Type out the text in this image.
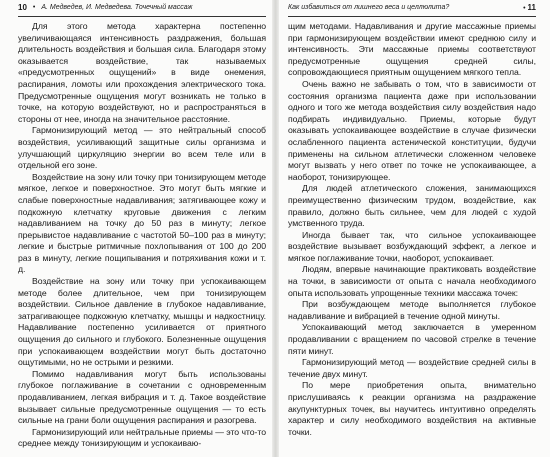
10 • А. Медведев, И. Медведева. Точечный массаж

Для этого метода характерна постепенно увеличивающаяся интенсивность раздражения, большая длительность воздействия и большая сила. Благодаря этому оказывается воздействие, так называемых «предусмотренных ощущений» в виде онемения, распирания, ломоты или прохождения электрического тока. Предусмотренные ощущения могут возникать не только в точке, на которую воздействуют, но и распространяться в стороны от нее, иногда на значительное расстояние.

Гармонизирующий метод — это нейтральный способ воздействия, усиливающий защитные силы организма и улучшающий циркуляцию энергии во всем теле или в отдельной его зоне.

Воздействие на зону или точку при тонизирующем методе мягкое, легкое и поверхностное. Это могут быть мягкие и слабые поверхностные надавливания; затягивающее кожу и подкожную клетчатку круговые движения с легким надавливанием на точку до 50 раз в минуту; легкое прерывистое надавливание с частотой 50–100 раз в минуту; легкие и быстрые ритмичные похлопывания от 100 до 200 раз в минуту, легкие пощипывания и потряхивания кожи и т. д.

Воздействие на зону или точку при успокаивающем методе более длительное, чем при тонизирующем воздействии. Сильное давление в глубокое надавливание, затрагивающее подкожную клетчатку, мышцы и надкостницу. Надавливание постепенно усиливается от приятного ощущения до сильного и глубокого. Болезненные ощущения при успокаивающем воздействии могут быть достаточно ощутимыми, но не острыми и резкими.

Помимо надавливания могут быть использованы глубокое поглаживание в сочетании с одновременным продавливанием, легкая вибрация и т. д. Такое воздействие вызывает сильные предусмотренные ощущения — то есть сильные на грани боли ощущения распирания и разогрева.

Гармонизирующий или нейтральные приемы — это что-то среднее между тонизирующим и успокаиваю-

Как избавиться от лишнего веса и целлюлита?	• 11

щим методами. Надавливания и другие массажные приемы при гармонизирующем воздействии имеют среднюю силу и интенсивность. Эти массажные приемы соответствуют предусмотренные ощущения средней силы, сопровождающиеся приятным ощущением мягкого тепла.

Очень важно не забывать о том, что в зависимости от состояния организма пациента даже при использовании одного и того же метода воздействия силу воздействия надо подбирать индивидуально. Приемы, которые будут оказывать успокаивающее воздействие в случае физически ослабленного пациента астенической конституции, будучи применены на сильном атлетически сложенном человеке могут вызвать у него ответ по точке не успокаивающее, а наоборот, тонизирующее.

Для людей атлетического сложения, занимающихся преимущественно физическим трудом, воздействие, как правило, должно быть сильнее, чем для людей с худой умственного труда.

Иногда бывает так, что сильное успокаивающее воздействие вызывает возбуждающий эффект, а легкое и мягкое поглаживание точки, наоборот, успокаивает.

Людям, впервые начинающие практиковать воздействие на точки, в зависимости от опыта с начала необходимого опыта использовать упрощенные техники массажа точек:

При возбуждающем методе выполняется глубокое надавливание и вибрацией в течение одной минуты.

Успокаивающий метод заключается в умеренном продавливании с вращением по часовой стрелке в течение пяти минут.

Гармонизирующий метод — воздействие средней силы в течение двух минут.

По мере приобретения опыта, внимательно прислушиваясь к реакции организма на раздражение акупунктурных точек, вы научитесь интуитивно определять характер и силу необходимого воздействия на активные точки.
